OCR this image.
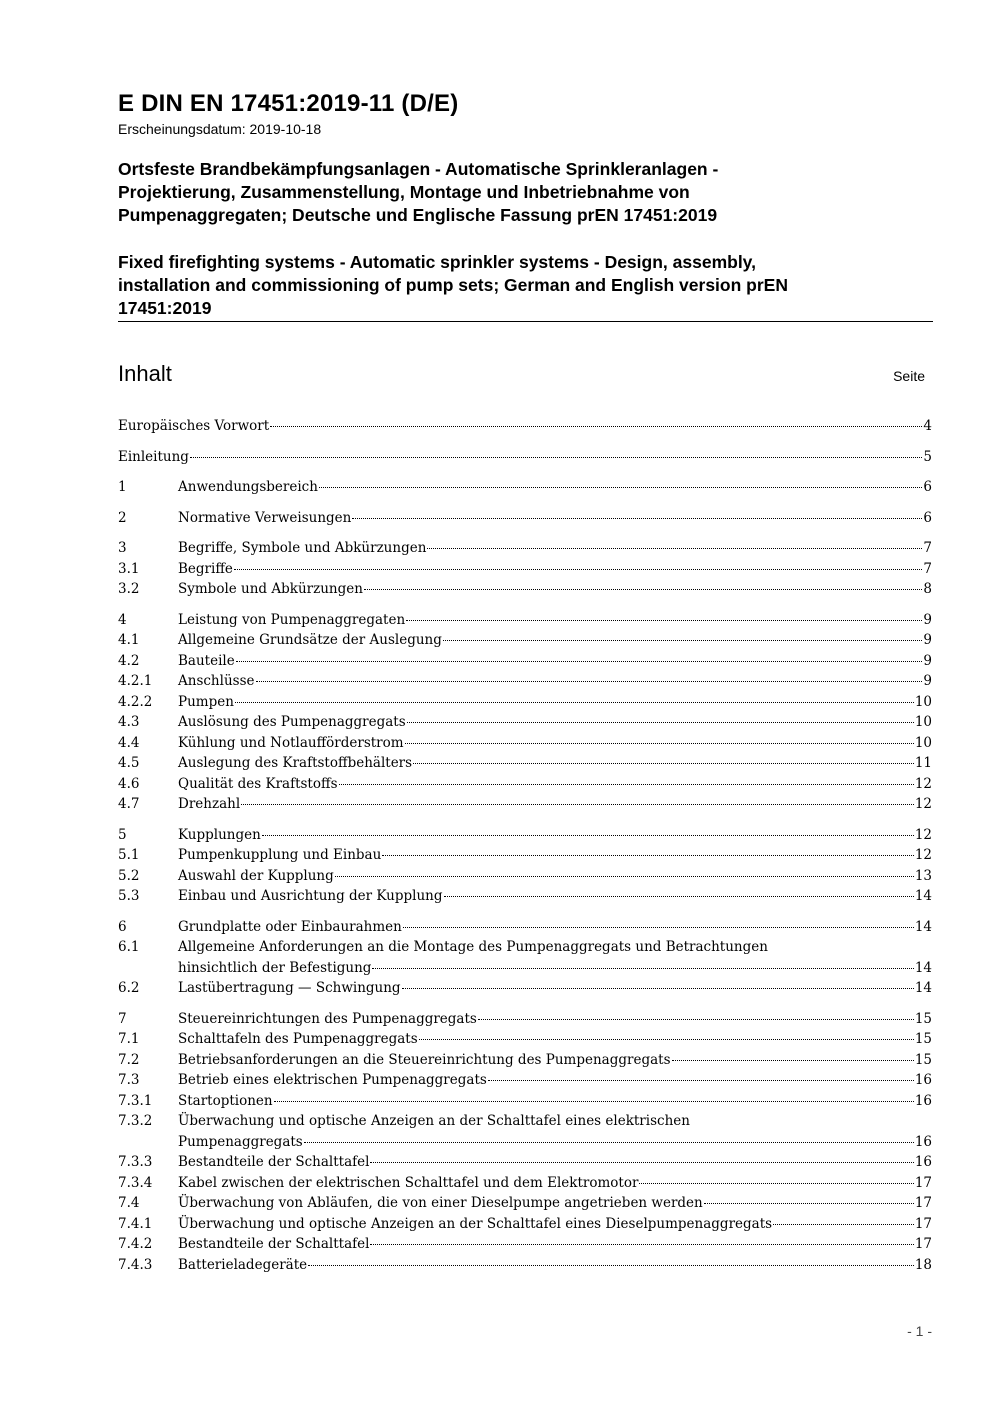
E DIN EN 17451:2019-11 (D/E)
Erscheinungsdatum: 2019-10-18
Ortsfeste Brandbekämpfungsanlagen - Automatische Sprinkleranlagen -
Projektierung, Zusammenstellung, Montage und Inbetriebnahme von
Pumpenaggregaten; Deutsche und Englische Fassung prEN 17451:2019
Fixed firefighting systems - Automatic sprinkler systems - Design, assembly,
installation and commissioning of pump sets; German and English version prEN
17451:2019
Inhalt	Seite
Europäisches Vorwort	4
Einleitung	5
1	Anwendungsbereich	6
2	Normative Verweisungen	6
3	Begriffe, Symbole und Abkürzungen	7
3.1	Begriffe	7
3.2	Symbole und Abkürzungen	8
4	Leistung von Pumpenaggregaten	9
4.1	Allgemeine Grundsätze der Auslegung	9
4.2	Bauteile	9
4.2.1	Anschlüsse	9
4.2.2	Pumpen	10
4.3	Auslösung des Pumpenaggregats	10
4.4	Kühlung und Notlaufförderstrom	10
4.5	Auslegung des Kraftstoffbehälters	11
4.6	Qualität des Kraftstoffs	12
4.7	Drehzahl	12
5	Kupplungen	12
5.1	Pumpenkupplung und Einbau	12
5.2	Auswahl der Kupplung	13
5.3	Einbau und Ausrichtung der Kupplung	14
6	Grundplatte oder Einbaurahmen	14
6.1	Allgemeine Anforderungen an die Montage des Pumpenaggregats und Betrachtungen
hinsichtlich der Befestigung	14
6.2	Lastübertragung — Schwingung	14
7	Steuereinrichtungen des Pumpenaggregats	15
7.1	Schalttafeln des Pumpenaggregats	15
7.2	Betriebsanforderungen an die Steuereinrichtung des Pumpenaggregats	15
7.3	Betrieb eines elektrischen Pumpenaggregats	16
7.3.1	Startoptionen	16
7.3.2	Überwachung und optische Anzeigen an der Schalttafel eines elektrischen
Pumpenaggregats	16
7.3.3	Bestandteile der Schalttafel	16
7.3.4	Kabel zwischen der elektrischen Schalttafel und dem Elektromotor	17
7.4	Überwachung von Abläufen, die von einer Dieselpumpe angetrieben werden	17
7.4.1	Überwachung und optische Anzeigen an der Schalttafel eines Dieselpumpenaggregats	17
7.4.2	Bestandteile der Schalttafel	17
7.4.3	Batterieladegeräte	18
- 1 -
